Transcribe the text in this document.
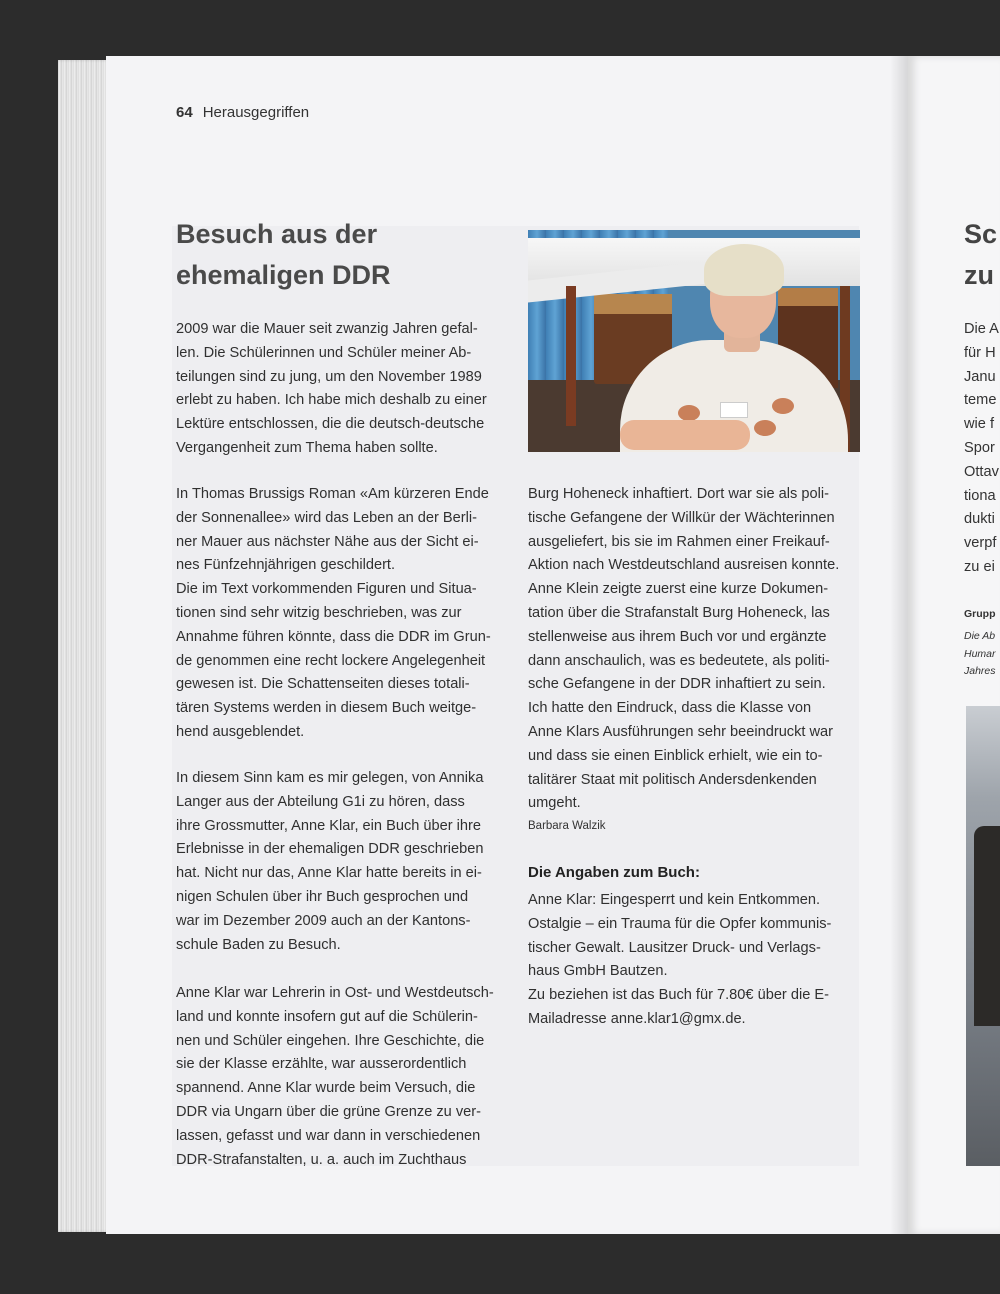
64 Herausgegriffen
Besuch aus der
ehemaligen DDR
2009 war die Mauer seit zwanzig Jahren gefal-
len. Die Schülerinnen und Schüler meiner Ab-
teilungen sind zu jung, um den November 1989
erlebt zu haben. Ich habe mich deshalb zu einer
Lektüre entschlossen, die die deutsch-deutsche
Vergangenheit zum Thema haben sollte.
In Thomas Brussigs Roman «Am kürzeren Ende
der Sonnenallee» wird das Leben an der Berli-
ner Mauer aus nächster Nähe aus der Sicht ei-
nes Fünfzehnjährigen geschildert.
Die im Text vorkommenden Figuren und Situa-
tionen sind sehr witzig beschrieben, was zur
Annahme führen könnte, dass die DDR im Grun-
de genommen eine recht lockere Angelegenheit
gewesen ist. Die Schattenseiten dieses totali-
tären Systems werden in diesem Buch weitge-
hend ausgeblendet.
In diesem Sinn kam es mir gelegen, von Annika
Langer aus der Abteilung G1i zu hören, dass
ihre Grossmutter, Anne Klar, ein Buch über ihre
Erlebnisse in der ehemaligen DDR geschrieben
hat. Nicht nur das, Anne Klar hatte bereits in ei-
nigen Schulen über ihr Buch gesprochen und
war im Dezember 2009 auch an der Kantons-
schule Baden zu Besuch.
Anne Klar war Lehrerin in Ost- und Westdeutsch-
land und konnte insofern gut auf die Schülerin-
nen und Schüler eingehen. Ihre Geschichte, die
sie der Klasse erzählte, war ausserordentlich
spannend. Anne Klar wurde beim Versuch, die
DDR via Ungarn über die grüne Grenze zu ver-
lassen, gefasst und war dann in verschiedenen
DDR-Strafanstalten, u. a. auch im Zuchthaus
Burg Hoheneck inhaftiert. Dort war sie als poli-
tische Gefangene der Willkür der Wächterinnen
ausgeliefert, bis sie im Rahmen einer Freikauf-
Aktion nach Westdeutschland ausreisen konnte.
Anne Klein zeigte zuerst eine kurze Dokumen-
tation über die Strafanstalt Burg Hoheneck, las
stellenweise aus ihrem Buch vor und ergänzte
dann anschaulich, was es bedeutete, als politi-
sche Gefangene in der DDR inhaftiert zu sein.
Ich hatte den Eindruck, dass die Klasse von
Anne Klars Ausführungen sehr beeindruckt war
und dass sie einen Einblick erhielt, wie ein to-
talitärer Staat mit politisch Andersdenkenden
umgeht.
Barbara Walzik
Die Angaben zum Buch:
Anne Klar: Eingesperrt und kein Entkommen.
Ostalgie – ein Trauma für die Opfer kommunis-
tischer Gewalt. Lausitzer Druck- und Verlags-
haus GmbH Bautzen.
Zu beziehen ist das Buch für 7.80€ über die E-
Mailadresse anne.klar1@gmx.de.
Sc
zu
Die A
für H
Janu
teme
wie f
Spor
Ottav
tiona
dukti
verpf
zu ei
Grupp
Die Ab
Humar
Jahres
